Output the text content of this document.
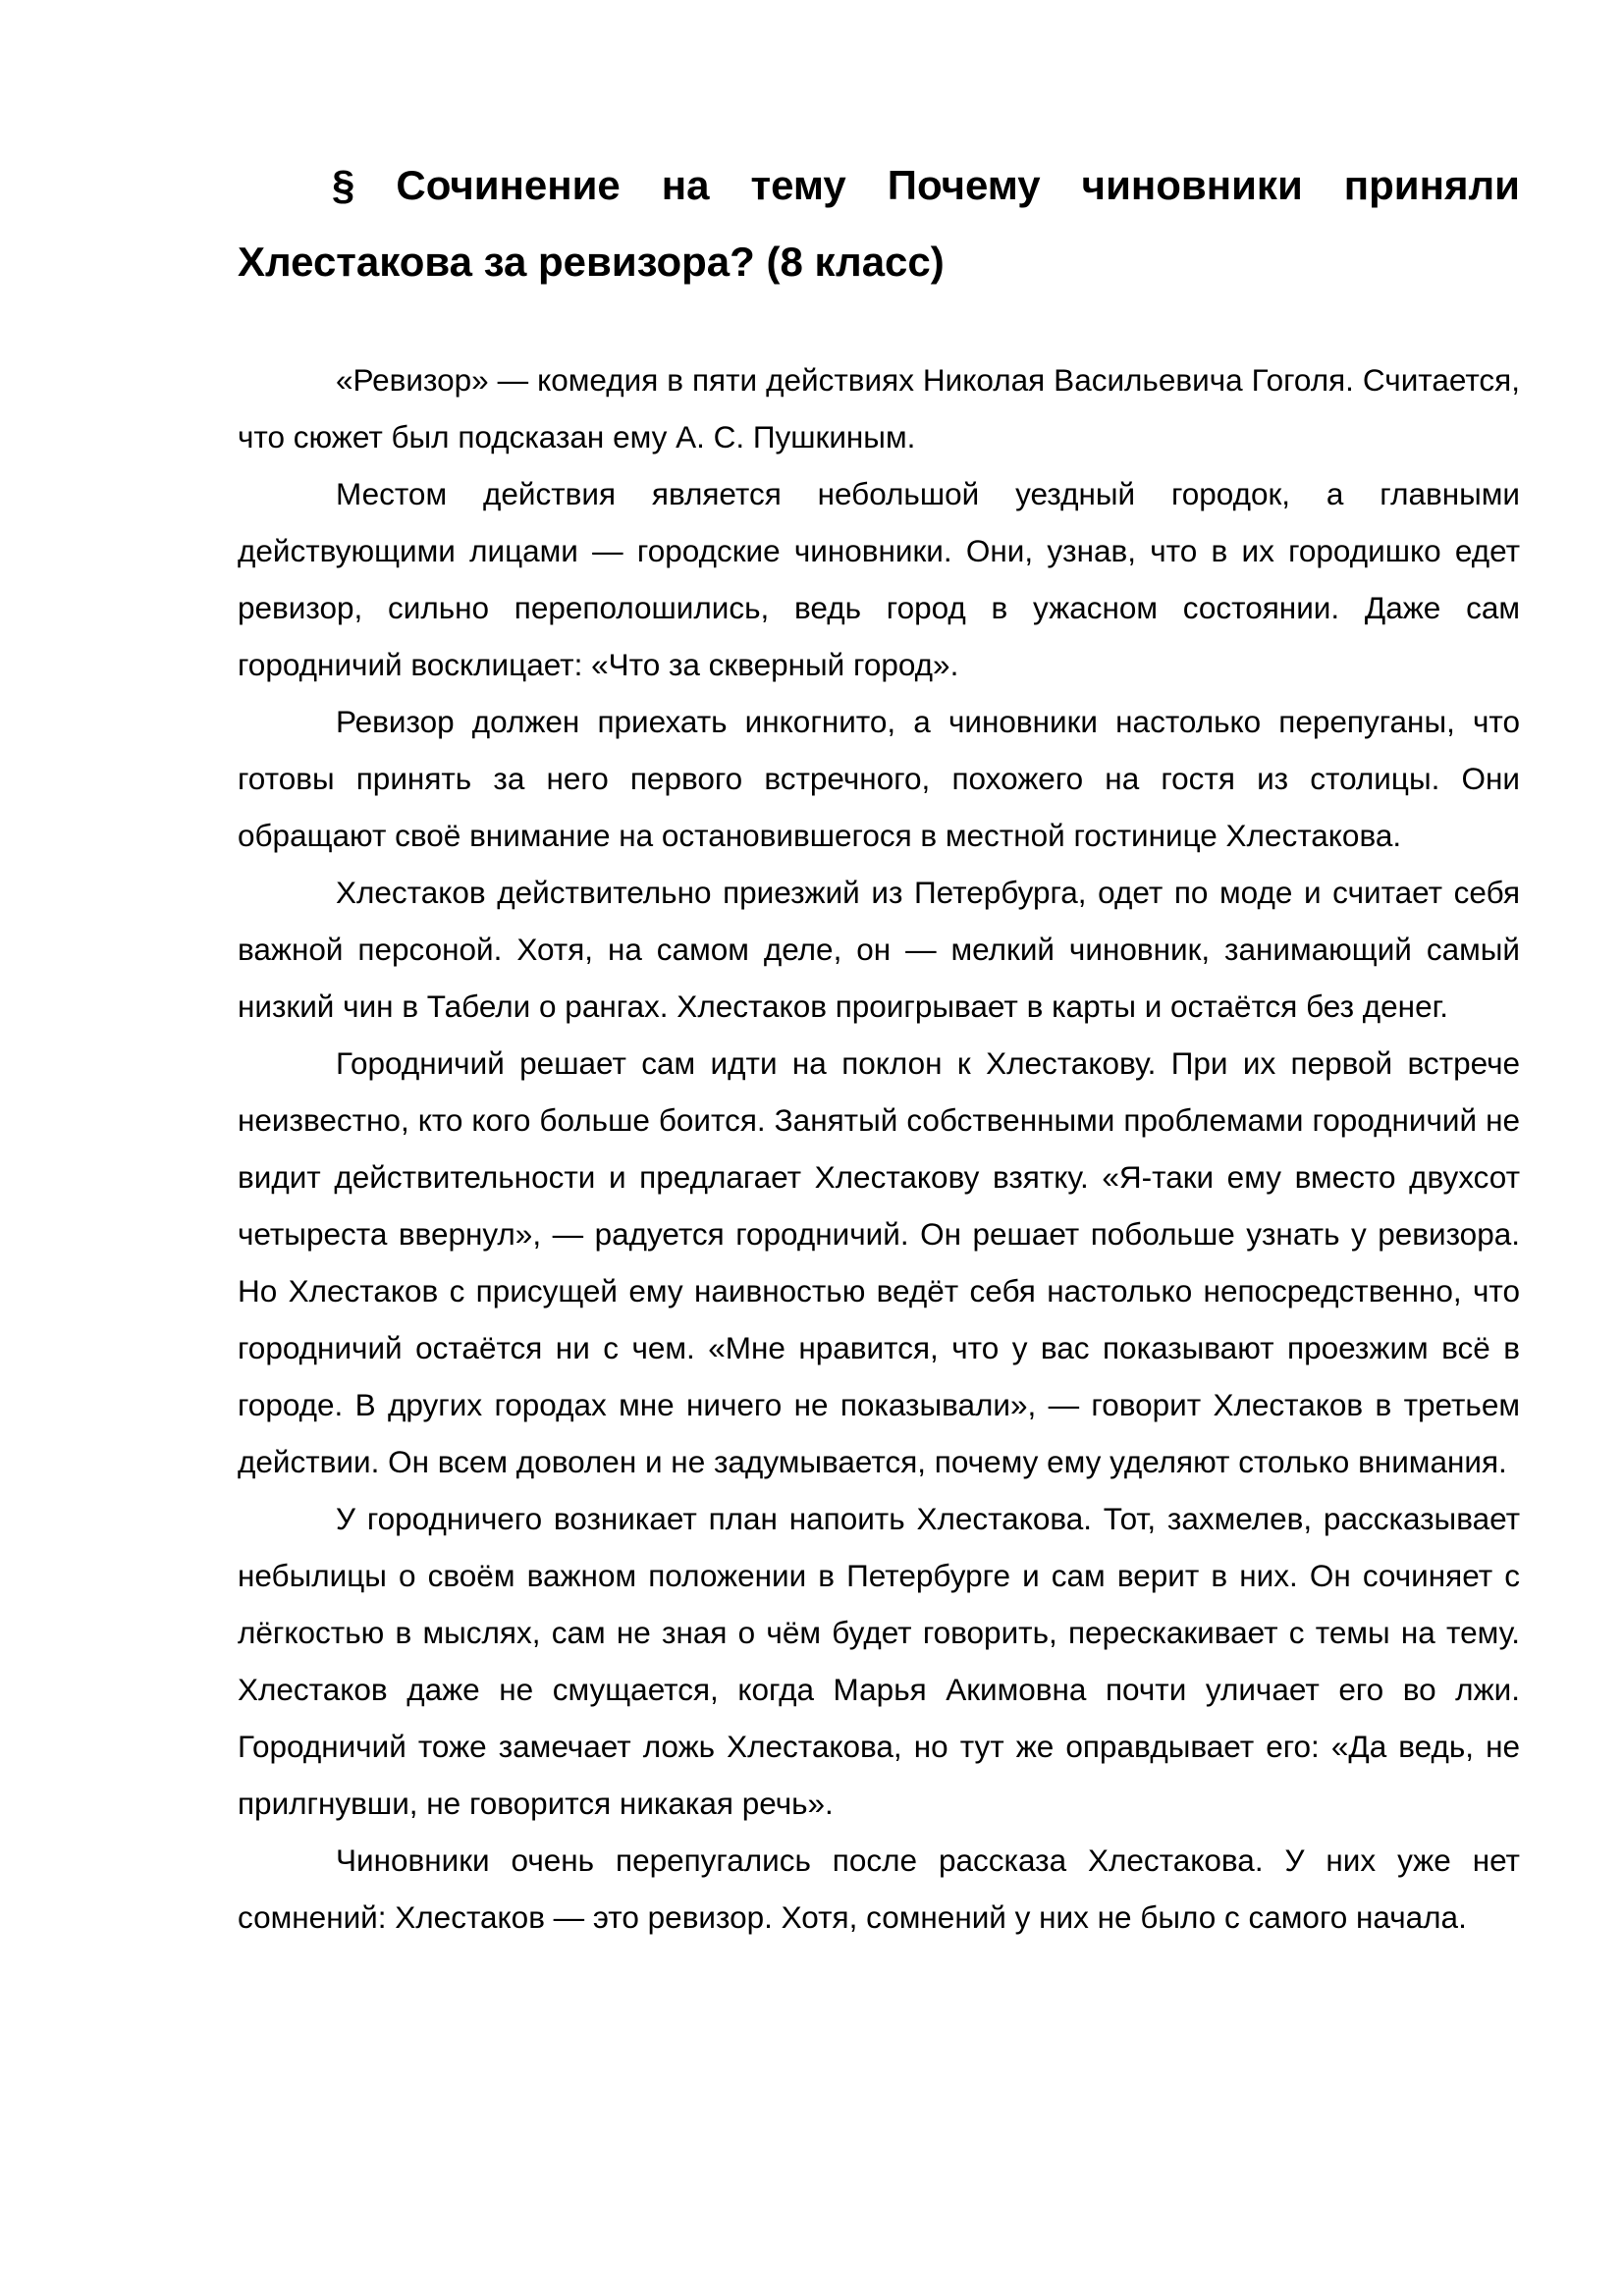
§ Сочинение на тему Почему чиновники приняли Хлестакова за ревизора? (8 класс)

«Ревизор» — комедия в пяти действиях Николая Васильевича Гоголя. Считается, что сюжет был подсказан ему А. С. Пушкиным.

Местом действия является небольшой уездный городок, а главными действующими лицами — городские чиновники. Они, узнав, что в их городишко едет ревизор, сильно переполошились, ведь город в ужасном состоянии. Даже сам городничий восклицает: «Что за скверный город».

Ревизор должен приехать инкогнито, а чиновники настолько перепуганы, что готовы принять за него первого встречного, похожего на гостя из столицы. Они обращают своё внимание на остановившегося в местной гостинице Хлестакова.

Хлестаков действительно приезжий из Петербурга, одет по моде и считает себя важной персоной. Хотя, на самом деле, он — мелкий чиновник, занимающий самый низкий чин в Табели о рангах. Хлестаков проигрывает в карты и остаётся без денег.

Городничий решает сам идти на поклон к Хлестакову. При их первой встрече неизвестно, кто кого больше боится. Занятый собственными проблемами городничий не видит действительности и предлагает Хлестакову взятку. «Я-таки ему вместо двухсот четыреста ввернул», — радуется городничий. Он решает побольше узнать у ревизора. Но Хлестаков с присущей ему наивностью ведёт себя настолько непосредственно, что городничий остаётся ни с чем. «Мне нравится, что у вас показывают проезжим всё в городе. В других городах мне ничего не показывали», — говорит Хлестаков в третьем действии. Он всем доволен и не задумывается, почему ему уделяют столько внимания.

У городничего возникает план напоить Хлестакова. Тот, захмелев, рассказывает небылицы о своём важном положении в Петербурге и сам верит в них. Он сочиняет с лёгкостью в мыслях, сам не зная о чём будет говорить, перескакивает с темы на тему. Хлестаков даже не смущается, когда Марья Акимовна почти уличает его во лжи. Городничий тоже замечает ложь Хлестакова, но тут же оправдывает его: «Да ведь, не прилгнувши, не говорится никакая речь».

Чиновники очень перепугались после рассказа Хлестакова. У них уже нет сомнений: Хлестаков — это ревизор. Хотя, сомнений у них не было с самого начала.
